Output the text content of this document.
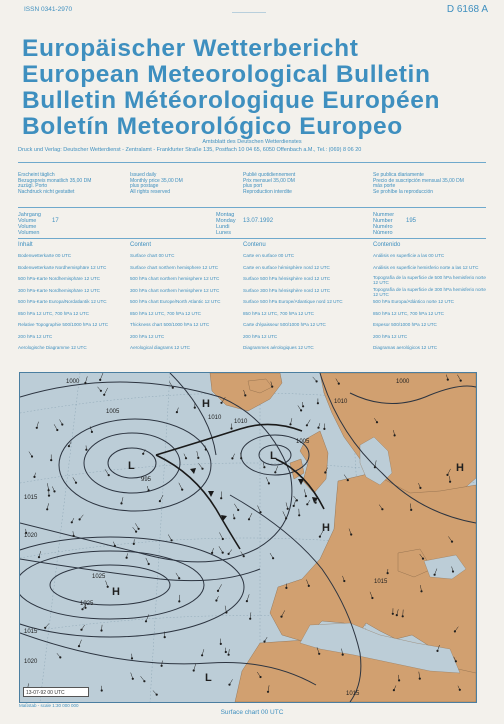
ISSN 0341-2970	D 6168 A
Europäischer Wetterbericht
European Meteorological Bulletin
Bulletin Météorologique Européen
Boletín Meteorológico Europeo
Amtsblatt des Deutschen Wetterdienstes
Druck und Verlag: Deutscher Wetterdienst - Zentralamt - Frankfurter Straße 135, Postfach 10 04 65, 6050 Offenbach a.M., Tel.: (069) 8 06 20
Erscheint täglich
Bezugspreis monatlich 35,00 DM
zuzügl. Porto
Nachdruck nicht gestattet
Issued daily
Monthly price 35,00 DM
plus postage
All rights reserved
Publié quotidiennement
Prix mensuel 35,00 DM
plus port
Reproduction interdite
Se publica diariamente
Precio de suscripción mensual 35,00 DM
más porte
Se prohíbe la reproducción
Jahrgang
Volume
Volume
Volumen
17
Montag
Monday
Lundi
Lunes
13.07.1992
Nummer
Number
Numéro
Número
195
Inhalt
Bodenwetterkarte 00 UTC
Bodenwetterkarte Nordhemisphäre 12 UTC
500 hPa-Karte Nordhemisphäre 12 UTC
300 hPa-Karte Nordhemisphäre 12 UTC
500 hPa-Karte Europa/Nordatlantik 12 UTC
850 hPa 12 UTC, 700 hPa 12 UTC
Relative Topographie 500/1000 hPa 12 UTC
200 hPa 12 UTC
Aerologische Diagramme 12 UTC
Content
Surface chart 00 UTC
Surface chart northern hemisphere 12 UTC
500 hPa chart northern hemisphere 12 UTC
300 hPa chart northern hemisphere 12 UTC
500 hPa chart Europe/North Atlantic 12 UTC
850 hPa 12 UTC, 700 hPa 12 UTC
Thickness chart 500/1000 hPa 12 UTC
200 hPa 12 UTC
Aerological diagrams 12 UTC
Contenu
Carte en surface 00 UTC
Carte en surface hémisphère nord 12 UTC
Surface 500 hPa hémisphère nord 12 UTC
Surface 300 hPa hémisphère nord 12 UTC
Surface 500 hPa Europe/Atlantique nord 12 UTC
850 hPa 12 UTC, 700 hPa 12 UTC
Carte d'épaisseur 500/1000 hPa 12 UTC
200 hPa 12 UTC
Diagrammes aérologiques 12 UTC
Contenido
Análisis en superficie a las 00 UTC
Análisis en superficie hemisferio norte a las 12 UTC
Topografía de la superficie de 500 hPa hemisferio norte 12 UTC
Topografía de la superficie de 300 hPa hemisferio norte 12 UTC
500 hPa Europa/Atlántico norte 12 UTC
850 hPa 12 UTC, 700 hPa 12 UTC
Espesor 500/1000 hPa 12 UTC
200 hPa 12 UTC
Diagramas aerológicos 12 UTC
1000
1005
1010
1015
1020
1025
995
1005
1010
1015
1020
1025
1015
1000
1010
1015
H
L
H
L
H
L
H
13-07-92 00 UTC
Maßstab - scale 1:30 000 000
Surface chart 00 UTC
